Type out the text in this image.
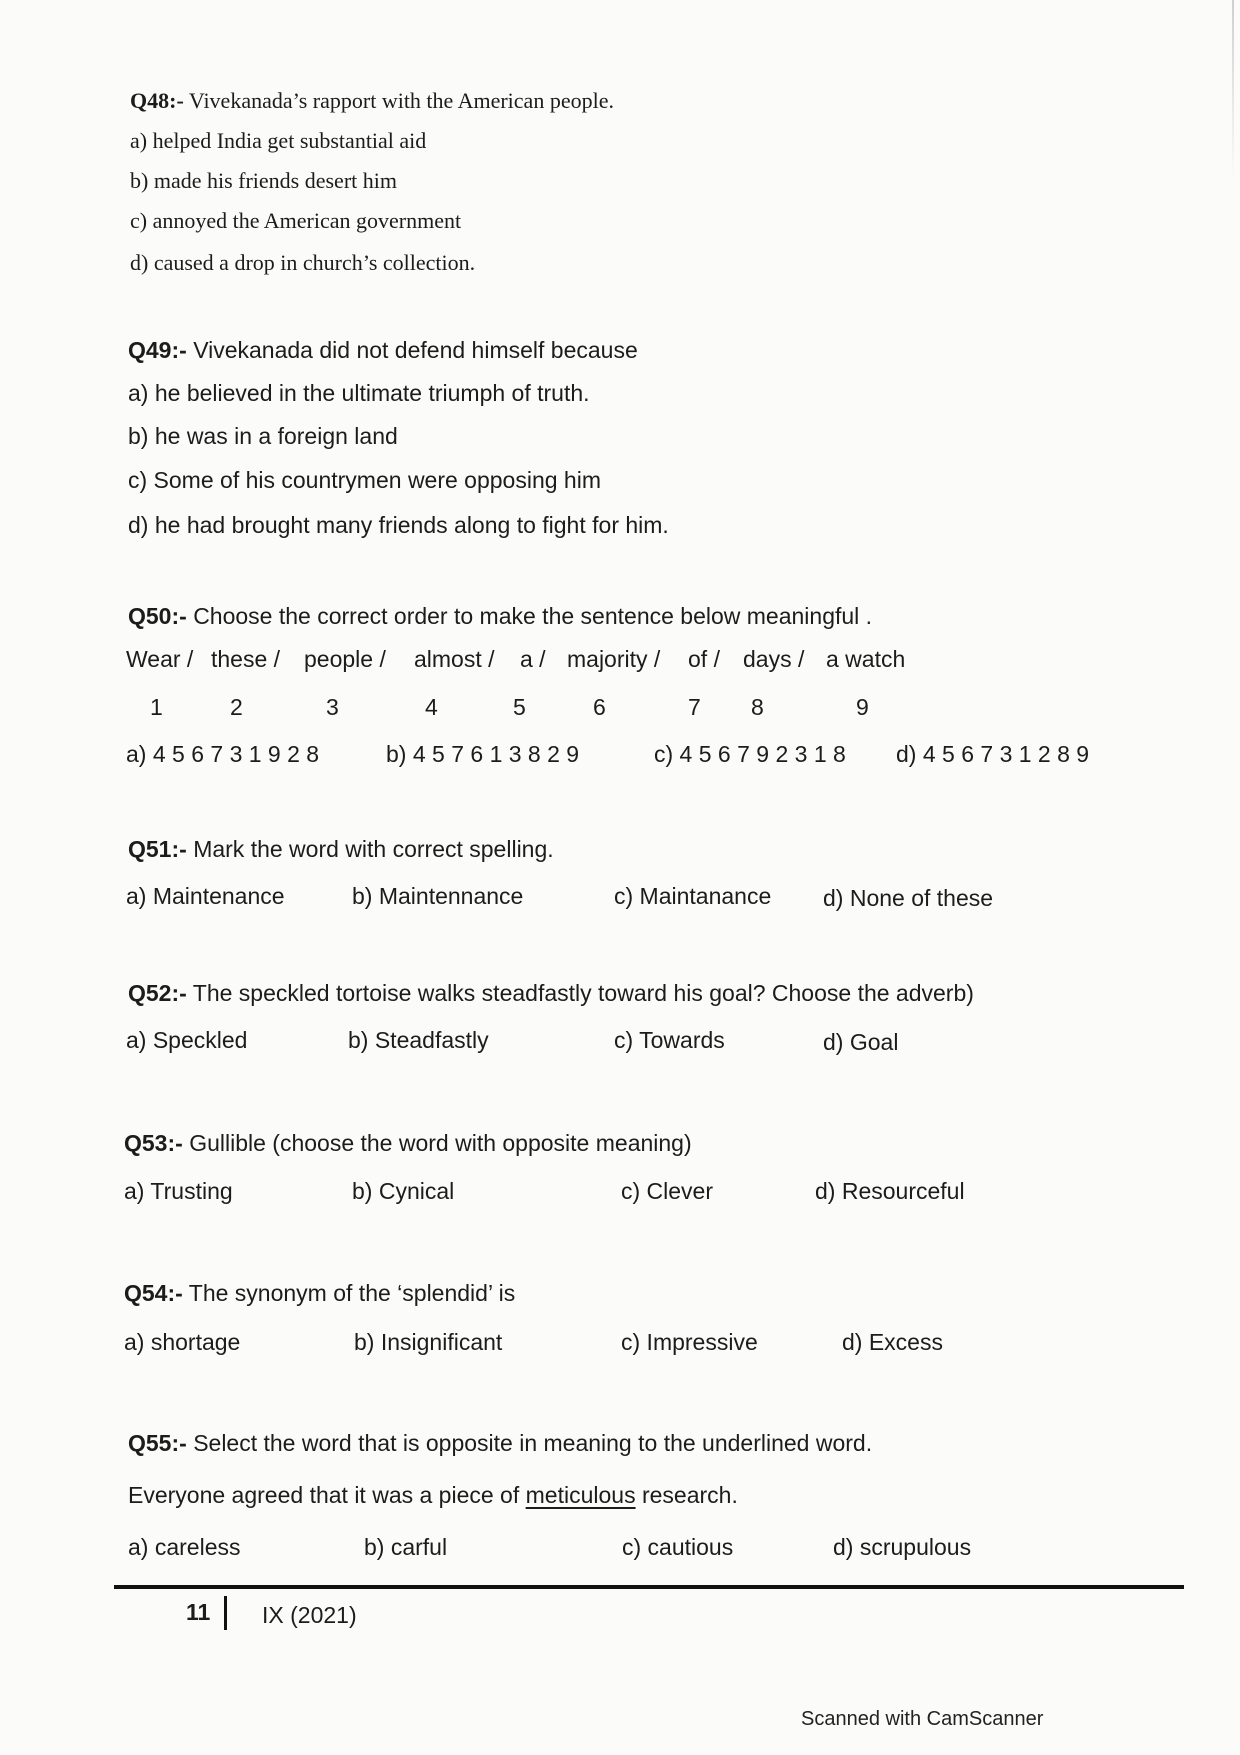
Q48:- Vivekanada’s rapport with the American people.
a) helped India get substantial aid
b) made his friends desert him
c) annoyed the American government
d) caused a drop in church’s collection.
Q49:- Vivekanada did not defend himself because
a) he believed in the ultimate triumph of truth.
b) he was in a foreign land
c) Some of his countrymen were opposing him
d) he had brought many friends along to fight for him.
Q50:- Choose the correct order to make the sentence below meaningful .
Wear / these / people / almost / a / majority / of / days / a watch
1	2	3	4	5	6	7 8	9
a) 4 5 6 7 3 1 9 2 8	b) 4 5 7 6 1 3 8 2 9	c) 4 5 6 7 9 2 3 1 8 d) 4 5 6 7 3 1 2 8 9
Q51:- Mark the word with correct spelling.
a) Maintenance	b) Maintennance	c) Maintanance d) None of these
Q52:- The speckled tortoise walks steadfastly toward his goal? Choose the adverb)
a) Speckled	b) Steadfastly	c) Towards	d) Goal
Q53:- Gullible (choose the word with opposite meaning)
a) Trusting	b) Cynical	c) Clever	d) Resourceful
Q54:- The synonym of the ‘splendid’ is
a) shortage	b) Insignificant	c) Impressive	d) Excess
Q55:- Select the word that is opposite in meaning to the underlined word.
Everyone agreed that it was a piece of meticulous research.
a) careless	b) carful	c) cautious	d) scrupulous
11 IX (2021)
Scanned with CamScanner
